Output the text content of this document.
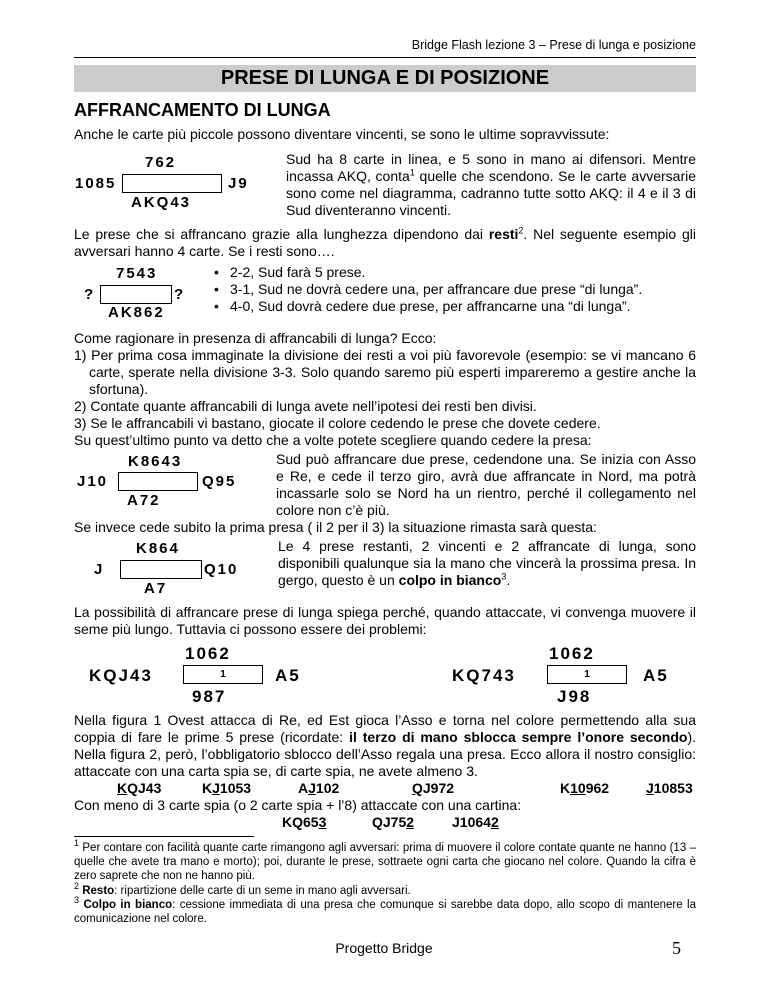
Bridge Flash lezione 3 – Prese di lunga e posizione
PRESE DI LUNGA E DI POSIZIONE
AFFRANCAMENTO DI LUNGA
Anche le carte più piccole possono diventare vincenti, se sono le ultime sopravvissute:
762
1085	J9
AKQ43
Sud ha 8 carte in linea, e 5 sono in mano ai difensori. Mentre incassa AKQ, conta$^1$ quelle che scendono. Se le carte avversarie sono come nel diagramma, cadranno tutte sotto AKQ: il 4 e il 3 di Sud diventeranno vincenti.
Le prese che si affrancano grazie alla lunghezza dipendono dai resti$^2$. Nel seguente esempio gli avversari hanno 4 carte. Se i resti sono….
7543
?	?
AK862
• 2-2, Sud farà 5 prese.
• 3-1, Sud ne dovrà cedere una, per affrancare due prese “di lunga”.
• 4-0, Sud dovrà cedere due prese, per affrancarne una “di lunga”.
Come ragionare in presenza di affrancabili di lunga? Ecco:
1) Per prima cosa immaginate la divisione dei resti a voi più favorevole (esempio: se vi mancano 6 carte, sperate nella divisione 3-3. Solo quando saremo più esperti impareremo a gestire anche la sfortuna).
2) Contate quante affrancabili di lunga avete nell’ipotesi dei resti ben divisi.
3) Se le affrancabili vi bastano, giocate il colore cedendo le prese che dovete cedere.
Su quest’ultimo punto va detto che a volte potete scegliere quando cedere la presa:
K8643
J10	Q95
A72
Sud può affrancare due prese, cedendone una. Se inizia con Asso e Re, e cede il terzo giro, avrà due affrancate in Nord, ma potrà incassarle solo se Nord ha un rientro, perché il collegamento nel colore non c’è più.
Se invece cede subito la prima presa ( il 2 per il 3) la situazione rimasta sarà questa:
K864
J	Q10
A7
Le 4 prese restanti, 2 vincenti e 2 affrancate di lunga, sono disponibili qualunque sia la mano che vincerà la prossima presa. In gergo, questo è un colpo in bianco$^3$.
La possibilità di affrancare prese di lunga spiega perché, quando attaccate, vi convenga muovere il seme più lungo. Tuttavia ci possono essere dei problemi:
1062
KQJ43	1	A5
987
1062
KQ743	1	A5
J98
Nella figura 1 Ovest attacca di Re, ed Est gioca l’Asso e torna nel colore permettendo alla sua coppia di fare le prime 5 prese (ricordate: il terzo di mano sblocca sempre l’onore secondo). Nella figura 2, però, l’obbligatorio sblocco dell’Asso regala una presa. Ecco allora il nostro consiglio: attaccate con una carta spia se, di carte spia, ne avete almeno 3.
KQJ43	KJ1053	AJ102	QJ972	K10962	J10853
Con meno di 3 carte spia (o 2 carte spia + l’8) attaccate con una cartina:
KQ653	QJ752	J10642
$^1$ Per contare con facilità quante carte rimangono agli avversari: prima di muovere il colore contate quante ne hanno (13 – quelle che avete tra mano e morto); poi, durante le prese, sottraete ogni carta che giocano nel colore. Quando la cifra è zero saprete che non ne hanno più.
$^2$ Resto: ripartizione delle carte di un seme in mano agli avversari.
$^3$ Colpo in bianco: cessione immediata di una presa che comunque si sarebbe data dopo, allo scopo di mantenere la comunicazione nel colore.
Progetto Bridge	5
